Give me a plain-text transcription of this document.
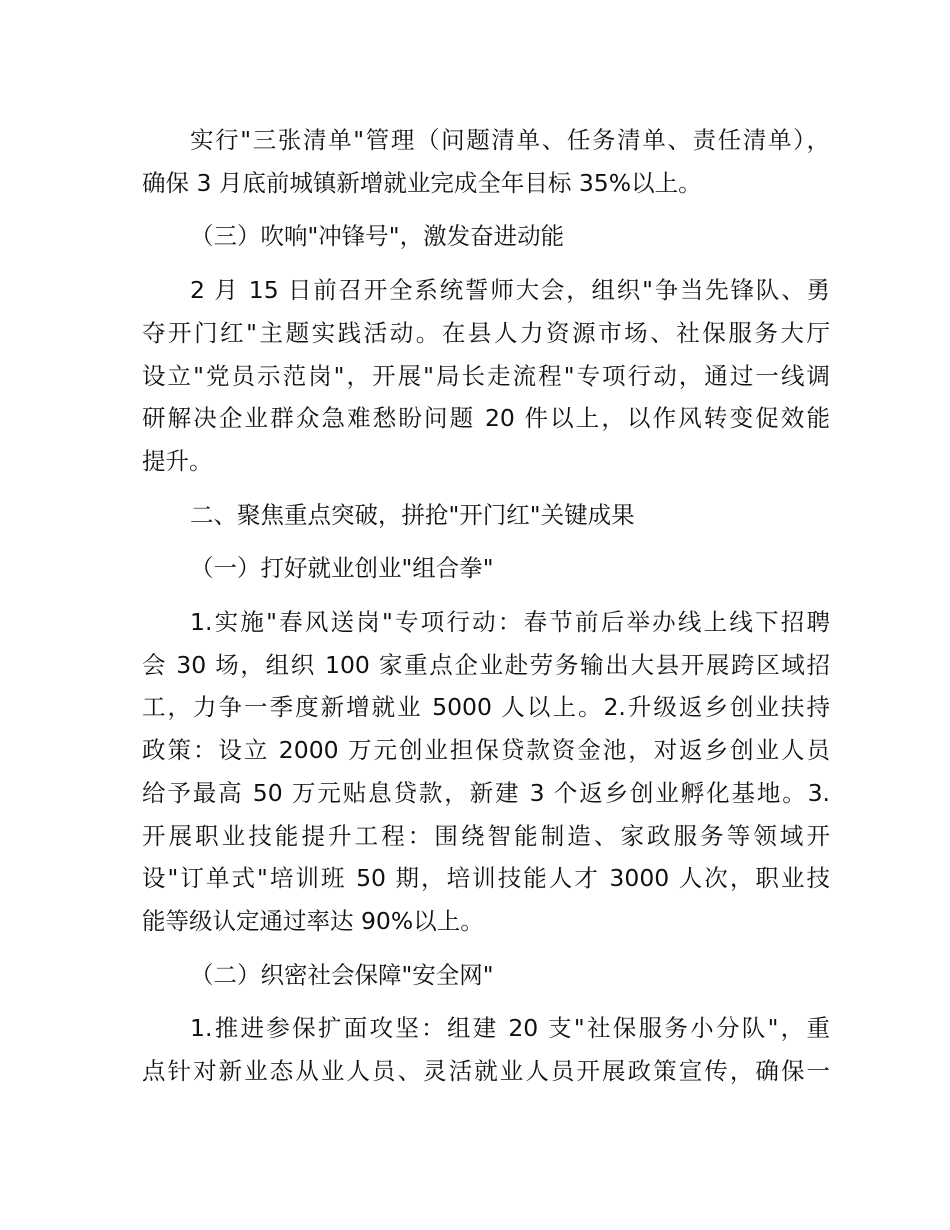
实行"三张清单"管理（问题清单、任务清单、责任清单），
确保 3 月底前城镇新增就业完成全年目标 35%以上。
（三）吹响"冲锋号"，激发奋进动能
2 月 15 日前召开全系统誓师大会，组织"争当先锋队、勇
夺开门红"主题实践活动。在县人力资源市场、社保服务大厅
设立"党员示范岗"，开展"局长走流程"专项行动，通过一线调
研解决企业群众急难愁盼问题 20 件以上，以作风转变促效能
提升。
二、聚焦重点突破，拼抢"开门红"关键成果
（一）打好就业创业"组合拳"
1.实施"春风送岗"专项行动：春节前后举办线上线下招聘
会 30 场，组织 100 家重点企业赴劳务输出大县开展跨区域招
工，力争一季度新增就业 5000 人以上。2.升级返乡创业扶持
政策：设立 2000 万元创业担保贷款资金池，对返乡创业人员
给予最高 50 万元贴息贷款，新建 3 个返乡创业孵化基地。3.
开展职业技能提升工程：围绕智能制造、家政服务等领域开
设"订单式"培训班 50 期，培训技能人才 3000 人次，职业技
能等级认定通过率达 90%以上。
（二）织密社会保障"安全网"
1.推进参保扩面攻坚：组建 20 支"社保服务小分队"，重
点针对新业态从业人员、灵活就业人员开展政策宣传，确保一
